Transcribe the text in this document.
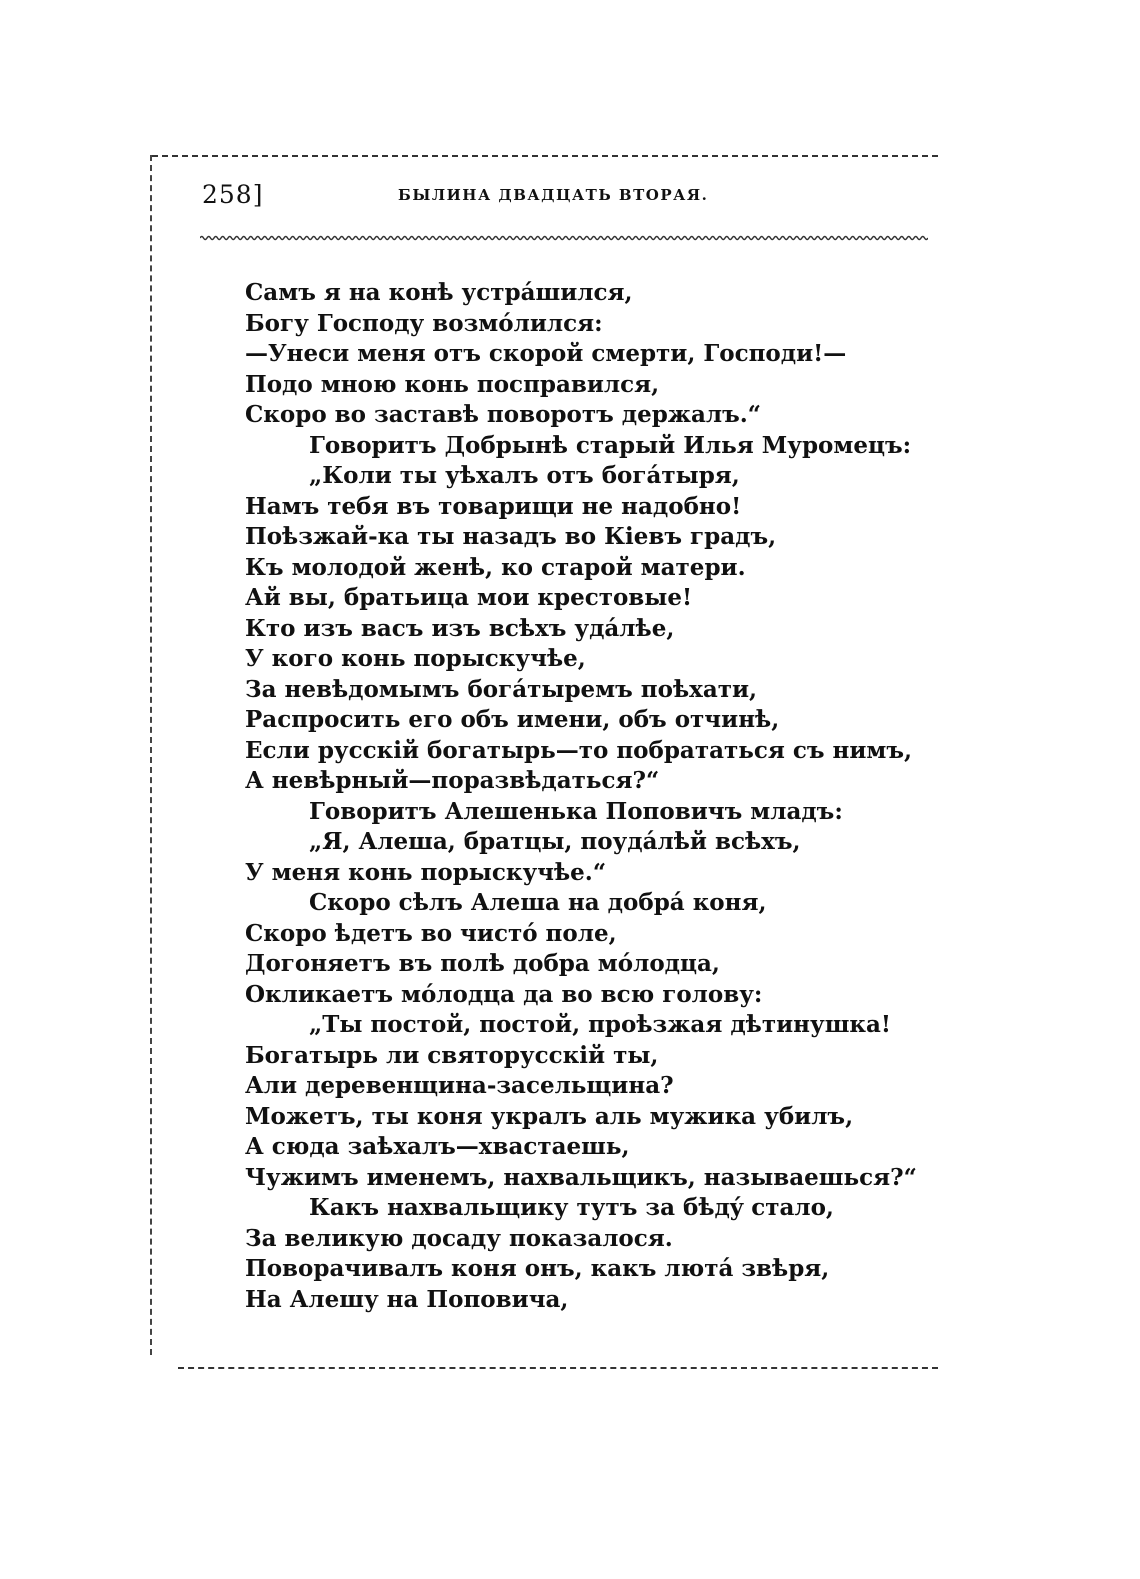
258]	БЫЛИНА ДВАДЦАТЬ ВТОРАЯ.
Самъ я на конѣ устрáшился,
Богу Господу возмóлился:
—Унеси меня отъ скорой смерти, Господи!—
Подо мною конь посправился,
Скоро во заставѣ поворотъ держалъ.“
Говоритъ Добрынѣ старый Илья Муромецъ:
„Коли ты уѣхалъ отъ богáтыря,
Намъ тебя въ товарищи не надобно!
Поѣзжай-ка ты назадъ во Кіевъ градъ,
Къ молодой женѣ, ко старой матери.
Ай вы, братьица мои крестовые!
Кто изъ васъ изъ всѣхъ удáлѣе,
У кого конь порыскучѣе,
За невѣдомымъ богáтыремъ поѣхати,
Распросить его объ имени, объ отчинѣ,
Если русскій богатырь—то побрататься съ нимъ,
А невѣрный—поразвѣдаться?“
Говоритъ Алешенька Поповичъ младъ:
„Я, Алеша, братцы, поудáлѣй всѣхъ,
У меня конь порыскучѣе.“
Скоро сѣлъ Алеша на добрá коня,
Скоро ѣдетъ во чистó поле,
Догоняетъ въ полѣ добра мóлодца,
Окликаетъ мóлодца да во всю голову:
„Ты постой, постой, проѣзжая дѣтинушка!
Богатырь ли святорусскій ты,
Али деревенщина-засельщина?
Можетъ, ты коня укралъ аль мужика убилъ,
А сюда заѣхалъ—хвастаешь,
Чужимъ именемъ, нахвальщикъ, называешься?“
Какъ нахвальщику тутъ за бѣдý стало,
За великую досаду показалося.
Поворачивалъ коня онъ, какъ лютá звѣря,
На Алешу на Поповича,
